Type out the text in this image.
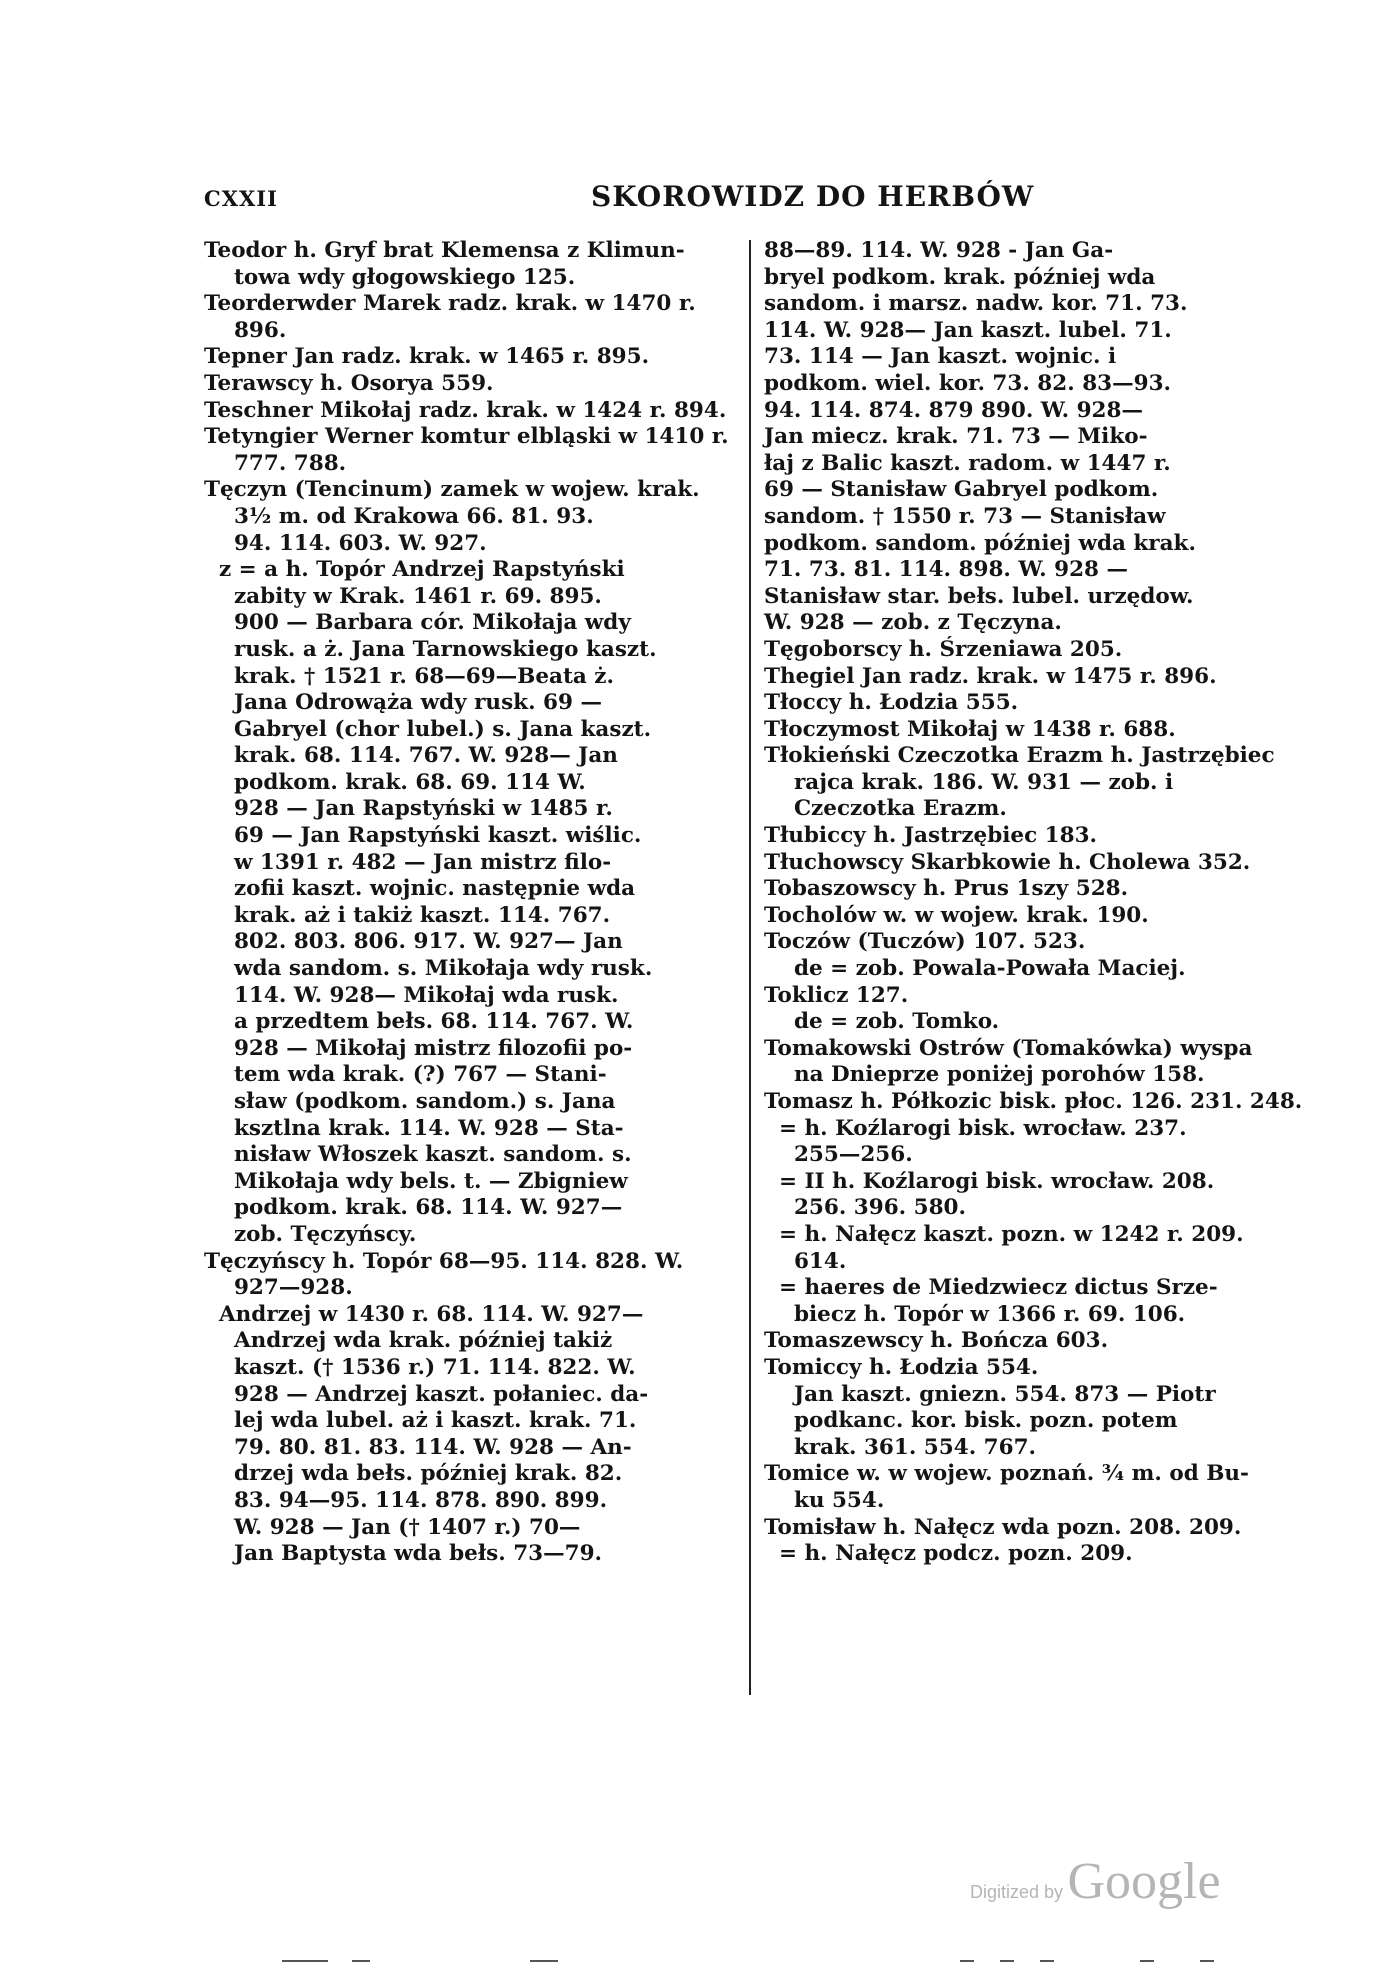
CXXII	SKOROWIDZ DO HERBÓW
Teodor h. Gryf brat Klemensa z Klimun-
towa wdy głogowskiego 125.
Teorderwder Marek radz. krak. w 1470 r.
896.
Tepner Jan radz. krak. w 1465 r. 895.
Terawscy h. Osorya 559.
Teschner Mikołaj radz. krak. w 1424 r. 894.
Tetyngier Werner komtur elbląski w 1410 r.
777. 788.
Tęczyn (Tencinum) zamek w wojew. krak.
3½ m. od Krakowa 66. 81. 93.
94. 114. 603. W. 927.
z = a h. Topór Andrzej Rapstyński
zabity w Krak. 1461 r. 69. 895.
900 — Barbara cór. Mikołaja wdy
rusk. a ż. Jana Tarnowskiego kaszt.
krak. † 1521 r. 68—69—Beata ż.
Jana Odrowąża wdy rusk. 69 —
Gabryel (chor lubel.) s. Jana kaszt.
krak. 68. 114. 767. W. 928— Jan
podkom. krak. 68. 69. 114 W.
928 — Jan Rapstyński w 1485 r.
69 — Jan Rapstyński kaszt. wiślic.
w 1391 r. 482 — Jan mistrz filo-
zofii kaszt. wojnic. następnie wda
krak. aż i takiż kaszt. 114. 767.
802. 803. 806. 917. W. 927— Jan
wda sandom. s. Mikołaja wdy rusk.
114. W. 928— Mikołaj wda rusk.
a przedtem bełs. 68. 114. 767. W.
928 — Mikołaj mistrz filozofii po-
tem wda krak. (?) 767 — Stani-
sław (podkom. sandom.) s. Jana
ksztlna krak. 114. W. 928 — Sta-
nisław Włoszek kaszt. sandom. s.
Mikołaja wdy bels. t. — Zbigniew
podkom. krak. 68. 114. W. 927—
zob. Tęczyńscy.
Tęczyńscy h. Topór 68—95. 114. 828. W.
927—928.
Andrzej w 1430 r. 68. 114. W. 927—
Andrzej wda krak. później takiż
kaszt. († 1536 r.) 71. 114. 822. W.
928 — Andrzej kaszt. połaniec. da-
lej wda lubel. aż i kaszt. krak. 71.
79. 80. 81. 83. 114. W. 928 — An-
drzej wda bełs. później krak. 82.
83. 94—95. 114. 878. 890. 899.
W. 928 — Jan († 1407 r.) 70—
Jan Baptysta wda bełs. 73—79.
88—89. 114. W. 928 - Jan Ga-
bryel podkom. krak. później wda
sandom. i marsz. nadw. kor. 71. 73.
114. W. 928— Jan kaszt. lubel. 71.
73. 114 — Jan kaszt. wojnic. i
podkom. wiel. kor. 73. 82. 83—93.
94. 114. 874. 879 890. W. 928—
Jan miecz. krak. 71. 73 — Miko-
łaj z Balic kaszt. radom. w 1447 r.
69 — Stanisław Gabryel podkom.
sandom. † 1550 r. 73 — Stanisław
podkom. sandom. później wda krak.
71. 73. 81. 114. 898. W. 928 —
Stanisław star. bełs. lubel. urzędow.
W. 928 — zob. z Tęczyna.
Tęgoborscy h. Śrzeniawa 205.
Thegiel Jan radz. krak. w 1475 r. 896.
Tłoccy h. Łodzia 555.
Tłoczymost Mikołaj w 1438 r. 688.
Tłokieński Czeczotka Erazm h. Jastrzębiec
rajca krak. 186. W. 931 — zob. i
Czeczotka Erazm.
Tłubiccy h. Jastrzębiec 183.
Tłuchowscy Skarbkowie h. Cholewa 352.
Tobaszowscy h. Prus 1szy 528.
Tocholów w. w wojew. krak. 190.
Toczów (Tuczów) 107. 523.
de = zob. Powala-Powała Maciej.
Toklicz 127.
de = zob. Tomko.
Tomakowski Ostrów (Tomakówka) wyspa
na Dnieprze poniżej porohów 158.
Tomasz h. Półkozic bisk. płoc. 126. 231. 248.
= h. Koźlarogi bisk. wrocław. 237.
255—256.
= II h. Koźlarogi bisk. wrocław. 208.
256. 396. 580.
= h. Nałęcz kaszt. pozn. w 1242 r. 209.
614.
= haeres de Miedzwiecz dictus Srze-
biecz h. Topór w 1366 r. 69. 106.
Tomaszewscy h. Bończa 603.
Tomiccy h. Łodzia 554.
Jan kaszt. gniezn. 554. 873 — Piotr
podkanc. kor. bisk. pozn. potem
krak. 361. 554. 767.
Tomice w. w wojew. poznań. ¾ m. od Bu-
ku 554.
Tomisław h. Nałęcz wda pozn. 208. 209.
= h. Nałęcz podcz. pozn. 209.
Digitized by Google
